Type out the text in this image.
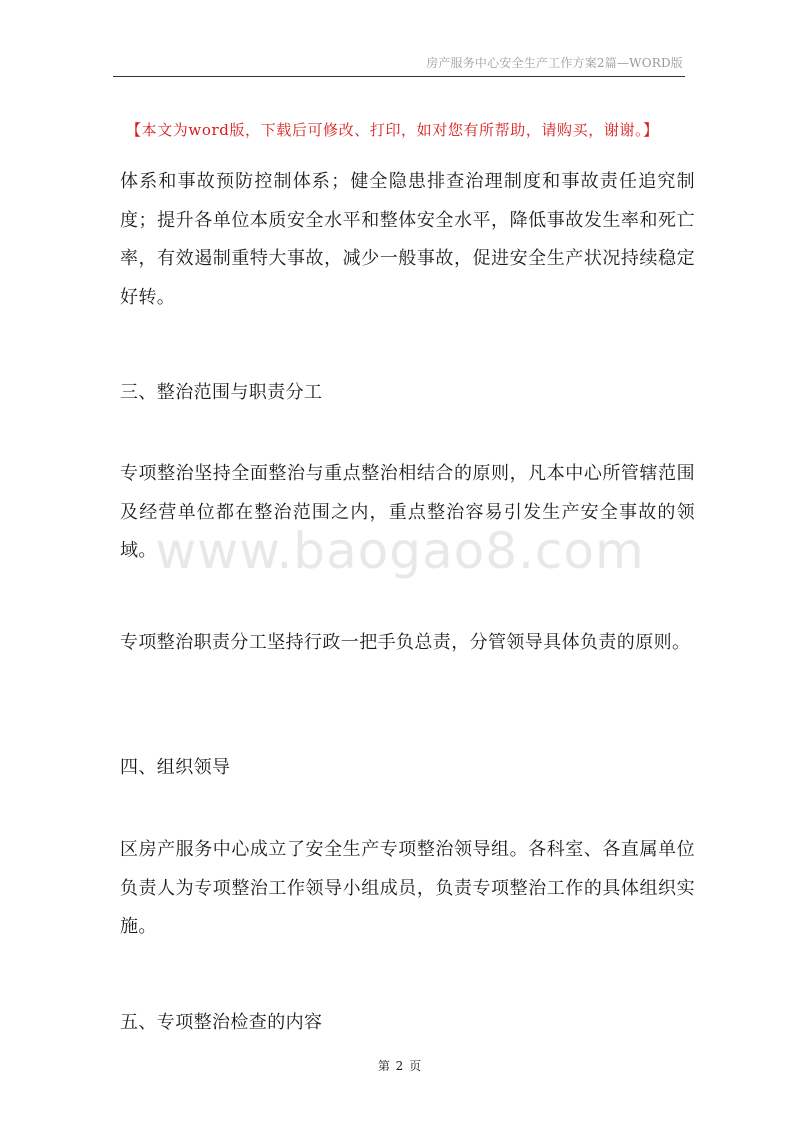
房产服务中心安全生产工作方案2篇—WORD版
【本文为word版，下载后可修改、打印，如对您有所帮助，请购买，谢谢。】

体系和事故预防控制体系；健全隐患排查治理制度和事故责任追究制度；提升各单位本质安全水平和整体安全水平，降低事故发生率和死亡率，有效遏制重特大事故，减少一般事故，促进安全生产状况持续稳定好转。

三、整治范围与职责分工

专项整治坚持全面整治与重点整治相结合的原则，凡本中心所管辖范围及经营单位都在整治范围之内，重点整治容易引发生产安全事故的领域。

专项整治职责分工坚持行政一把手负总责，分管领导具体负责的原则。

四、组织领导

区房产服务中心成立了安全生产专项整治领导组。各科室、各直属单位负责人为专项整治工作领导小组成员，负责专项整治工作的具体组织实施。

五、专项整治检查的内容
www.baogao8.com
第 2 页
